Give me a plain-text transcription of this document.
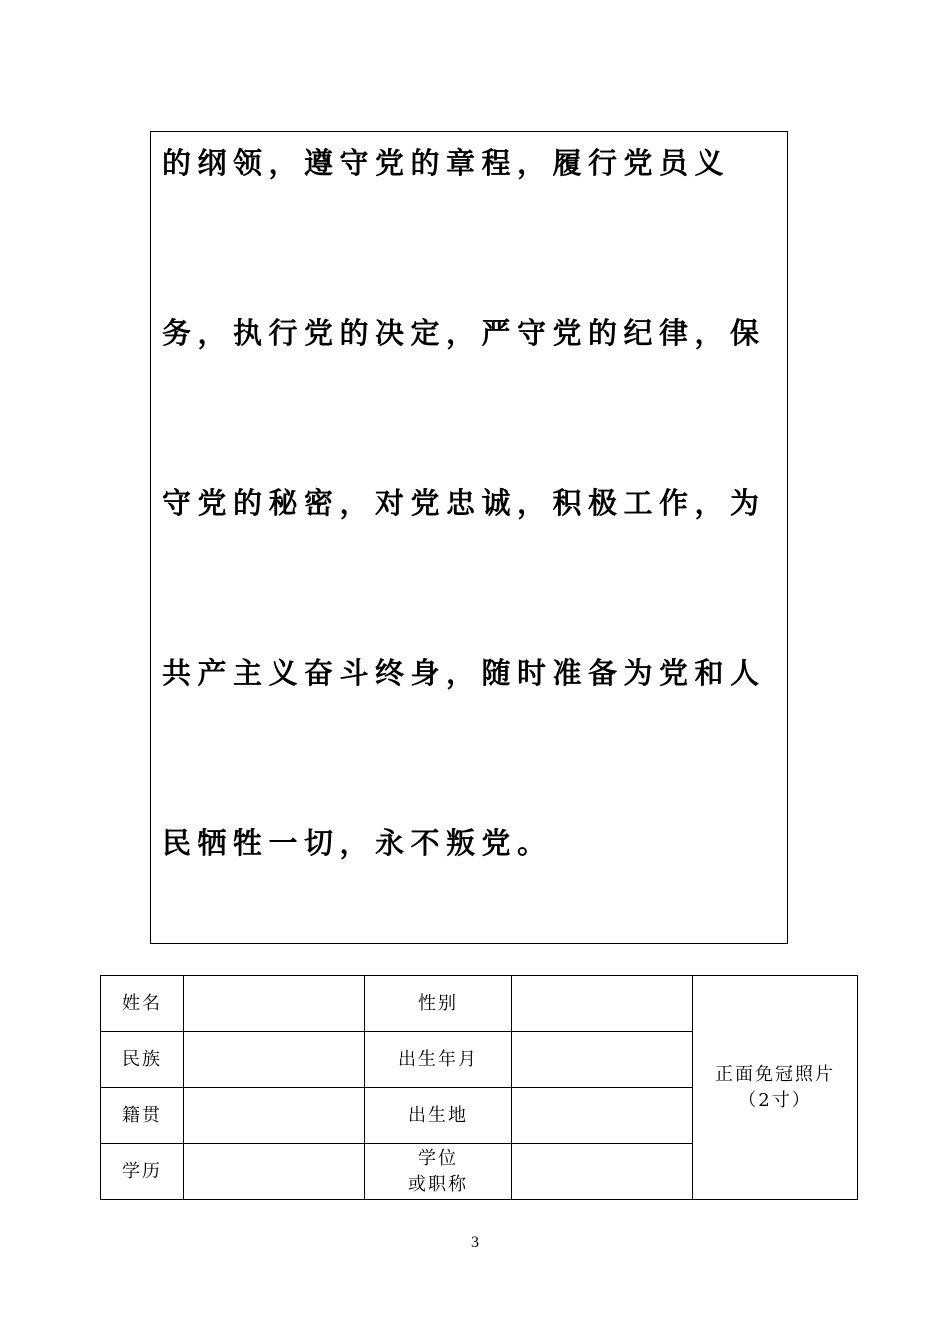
的纲领，遵守党的章程，履行党员义
务，执行党的决定，严守党的纪律，保
守党的秘密，对党忠诚，积极工作，为
共产主义奋斗终身，随时准备为党和人
民牺牲一切，永不叛党。
姓名		性别		正面免冠照片
（2寸）
民族		出生年月		
籍贯		出生地		
学历		学位
或职称		
3
